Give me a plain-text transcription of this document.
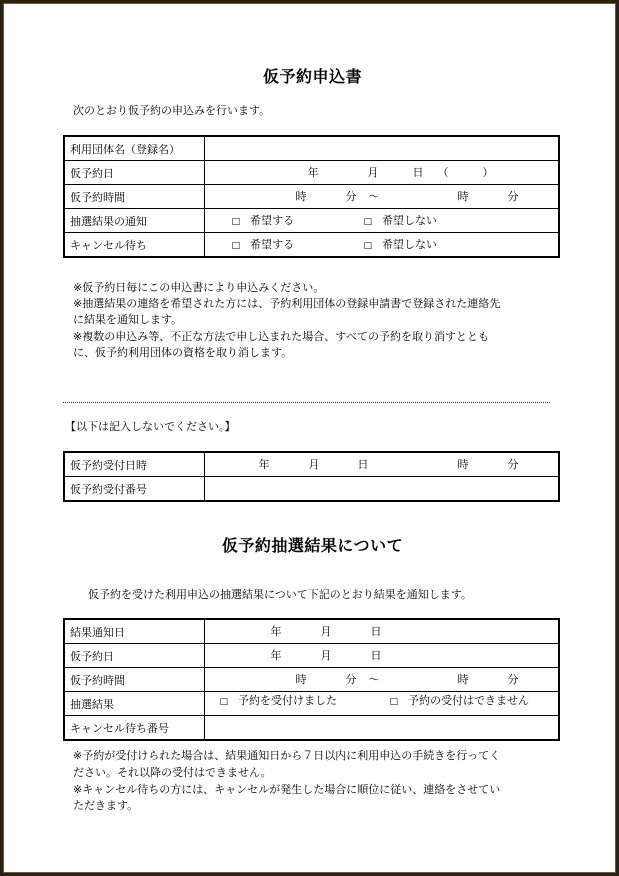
仮予約申込書
次のとおり仮予約の申込みを行います。
利用団体名（登録名）	

仮予約日	年 月 日 （ ）

仮予約時間	時 分 ～ 時 分

抽選結果の通知	□ 希望する □ 希望しない

キャンセル待ち	□ 希望する □ 希望しない
※仮予約日毎にこの申込書により申込みください。
※抽選結果の連絡を希望された方には、予約利用団体の登録申請書で登録された連絡先
に結果を通知します。
※複数の申込み等、不正な方法で申し込まれた場合、すべての予約を取り消すととも
に、仮予約利用団体の資格を取り消します。
【以下は記入しないでください。】
仮予約受付日時	年 月 日 時 分

仮予約受付番号	
仮予約抽選結果について
仮予約を受けた利用申込の抽選結果について下記のとおり結果を通知します。
結果通知日	年 月 日

仮予約日	年 月 日

仮予約時間	時 分 ～ 時 分

抽選結果	□ 予約を受付けました □ 予約の受付はできません

キャンセル待ち番号	
※予約が受付けられた場合は、結果通知日から７日以内に利用申込の手続きを行ってく
ださい。それ以降の受付はできません。
※キャンセル待ちの方には、キャンセルが発生した場合に順位に従い、連絡をさせてい
ただきます。
